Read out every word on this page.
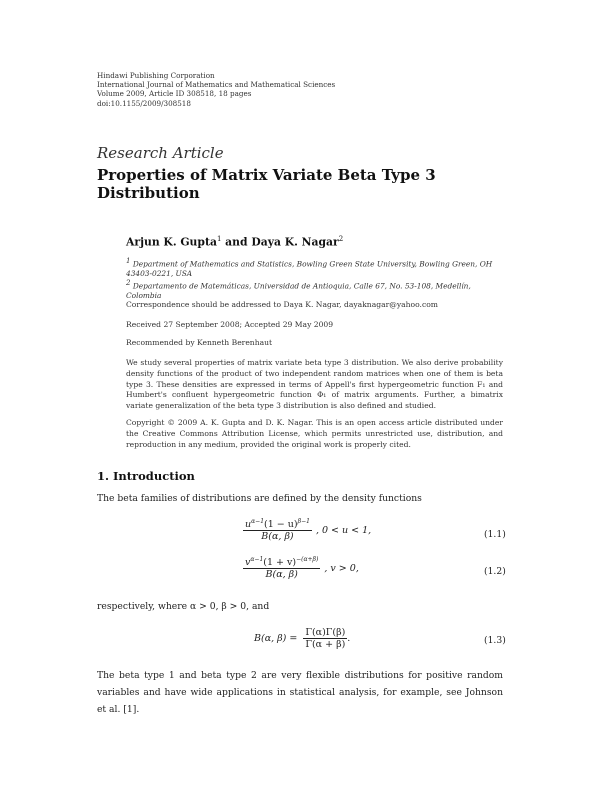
Hindawi Publishing Corporation
International Journal of Mathematics and Mathematical Sciences
Volume 2009, Article ID 308518, 18 pages
doi:10.1155/2009/308518
Research Article
Properties of Matrix Variate Beta Type 3 Distribution
Arjun K. Gupta$^1$ and Daya K. Nagar$^2$
$^1$ Department of Mathematics and Statistics, Bowling Green State University, Bowling Green, OH 43403-0221, USA
$^2$ Departamento de Matemáticas, Universidad de Antioquia, Calle 67, No. 53-108, Medellín, Colombia
Correspondence should be addressed to Daya K. Nagar, dayaknagar@yahoo.com
Received 27 September 2008; Accepted 29 May 2009
Recommended by Kenneth Berenhaut
We study several properties of matrix variate beta type 3 distribution. We also derive probability density functions of the product of two independent random matrices when one of them is beta type 3. These densities are expressed in terms of Appell's first hypergeometric function F₁ and Humbert's confluent hypergeometric function Φ₁ of matrix arguments. Further, a bimatrix variate generalization of the beta type 3 distribution is also defined and studied.
Copyright © 2009 A. K. Gupta and D. K. Nagar. This is an open access article distributed under the Creative Commons Attribution License, which permits unrestricted use, distribution, and reproduction in any medium, provided the original work is properly cited.
1. Introduction
The beta families of distributions are defined by the density functions
$\frac{u^{\alpha-1}(1 - u)^{\beta-1}}{B(\alpha, \beta)}$ , 0 < u < 1,	(1.1)
$\frac{v^{\alpha-1}(1 + v)^{-(\alpha+\beta)}}{B(\alpha, \beta)}$ , v > 0,	(1.2)
respectively, where α > 0, β > 0, and
B(α, $\beta) = \frac{\Gamma(\alpha)\Gamma(\beta)}{\Gamma(\alpha + \beta)}$ .	(1.3)
The beta type 1 and beta type 2 are very flexible distributions for positive random variables and have wide applications in statistical analysis, for example, see Johnson et al. [1].
